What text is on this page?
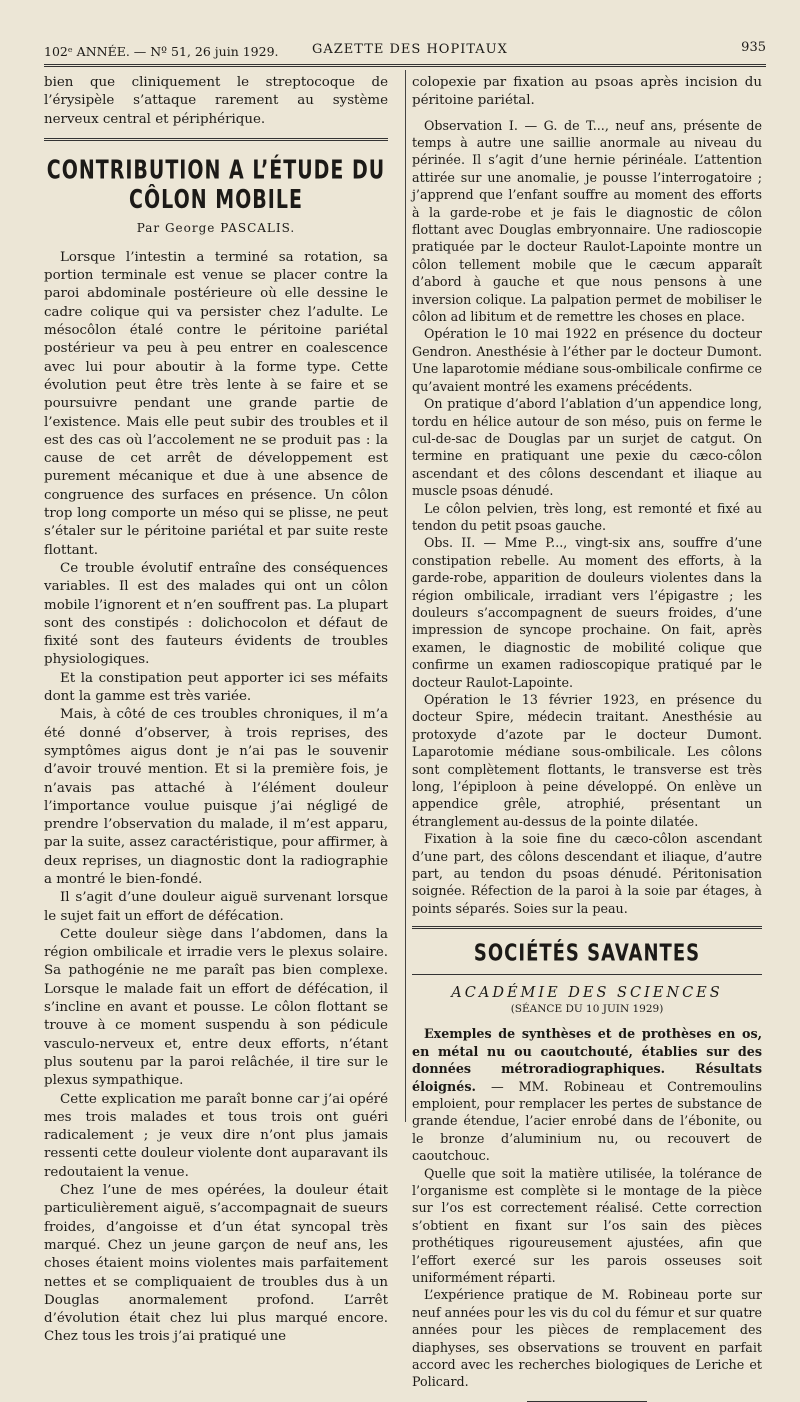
102ᵉ ANNÉE. — Nº 51, 26 juin 1929.	GAZETTE DES HOPITAUX	935

bien que cliniquement le streptocoque de l’érysipèle s’attaque rarement au système nerveux central et périphérique.

CONTRIBUTION A L’ÉTUDE DU CÔLON MOBILE
Par George PASCALIS.

Lorsque l’intestin a terminé sa rotation, sa portion terminale est venue se placer contre la paroi abdominale postérieure où elle dessine le cadre colique qui va persister chez l’adulte. Le mésocôlon étalé contre le péritoine pariétal postérieur va peu à peu entrer en coalescence avec lui pour aboutir à la forme type. Cette évolution peut être très lente à se faire et se poursuivre pendant une grande partie de l’existence. Mais elle peut subir des troubles et il est des cas où l’accolement ne se produit pas : la cause de cet arrêt de développement est purement mécanique et due à une absence de congruence des surfaces en présence. Un côlon trop long comporte un méso qui se plisse, ne peut s’étaler sur le péritoine pariétal et par suite reste flottant.

Ce trouble évolutif entraîne des conséquences variables. Il est des malades qui ont un côlon mobile l’ignorent et n’en souffrent pas. La plupart sont des constipés : dolichocolon et défaut de fixité sont des fauteurs évidents de troubles physiologiques.

Et la constipation peut apporter ici ses méfaits dont la gamme est très variée.

Mais, à côté de ces troubles chroniques, il m’a été donné d’observer, à trois reprises, des symptômes aigus dont je n’ai pas le souvenir d’avoir trouvé mention. Et si la première fois, je n’avais pas attaché à l’élément douleur l’importance voulue puisque j’ai négligé de prendre l’observation du malade, il m’est apparu, par la suite, assez caractéristique, pour affirmer, à deux reprises, un diagnostic dont la radiographie a montré le bien-fondé.

Il s’agit d’une douleur aiguë survenant lorsque le sujet fait un effort de défécation.

Cette douleur siège dans l’abdomen, dans la région ombilicale et irradie vers le plexus solaire. Sa pathogénie ne me paraît pas bien complexe. Lorsque le malade fait un effort de défécation, il s’incline en avant et pousse. Le côlon flottant se trouve à ce moment suspendu à son pédicule vasculo-nerveux et, entre deux efforts, n’étant plus soutenu par la paroi relâchée, il tire sur le plexus sympathique.

Cette explication me paraît bonne car j’ai opéré mes trois malades et tous trois ont guéri radicalement ; je veux dire n’ont plus jamais ressenti cette douleur violente dont auparavant ils redoutaient la venue.

Chez l’une de mes opérées, la douleur était particulièrement aiguë, s’accompagnait de sueurs froides, d’angoisse et d’un état syncopal très marqué. Chez un jeune garçon de neuf ans, les choses étaient moins violentes mais parfaitement nettes et se compliquaient de troubles dus à un Douglas anormalement profond. L’arrêt d’évolution était chez lui plus marqué encore. Chez tous les trois j’ai pratiqué une

colopexie par fixation au psoas après incision du péritoine pariétal.

Observation I. — G. de T..., neuf ans, présente de temps à autre une saillie anormale au niveau du périnée. Il s’agit d’une hernie périnéale. L’attention attirée sur une anomalie, je pousse l’interrogatoire ; j’apprend que l’enfant souffre au moment des efforts à la garde-robe et je fais le diagnostic de côlon flottant avec Douglas embryonnaire. Une radioscopie pratiquée par le docteur Raulot-Lapointe montre un côlon tellement mobile que le cæcum apparaît d’abord à gauche et que nous pensons à une inversion colique. La palpation permet de mobiliser le côlon ad libitum et de remettre les choses en place.

Opération le 10 mai 1922 en présence du docteur Gendron. Anesthésie à l’éther par le docteur Dumont. Une laparotomie médiane sous-ombilicale confirme ce qu’avaient montré les examens précédents.

On pratique d’abord l’ablation d’un appendice long, tordu en hélice autour de son méso, puis on ferme le cul-de-sac de Douglas par un surjet de catgut. On termine en pratiquant une pexie du cæco-côlon ascendant et des côlons descendant et iliaque au muscle psoas dénudé.

Le côlon pelvien, très long, est remonté et fixé au tendon du petit psoas gauche.

Obs. II. — Mme P..., vingt-six ans, souffre d’une constipation rebelle. Au moment des efforts, à la garde-robe, apparition de douleurs violentes dans la région ombilicale, irradiant vers l’épigastre ; les douleurs s’accompagnent de sueurs froides, d’une impression de syncope prochaine. On fait, après examen, le diagnostic de mobilité colique que confirme un examen radioscopique pratiqué par le docteur Raulot-Lapointe.

Opération le 13 février 1923, en présence du docteur Spire, médecin traitant. Anesthésie au protoxyde d’azote par le docteur Dumont. Laparotomie médiane sous-ombilicale. Les côlons sont complètement flottants, le transverse est très long, l’épiploon à peine développé. On enlève un appendice grêle, atrophié, présentant un étranglement au-dessus de la pointe dilatée.

Fixation à la soie fine du cæco-côlon ascendant d’une part, des côlons descendant et iliaque, d’autre part, au tendon du psoas dénudé. Péritonisation soignée. Réfection de la paroi à la soie par étages, à points séparés. Soies sur la peau.

SOCIÉTÉS SAVANTES
ACADÉMIE DES SCIENCES
(SÉANCE DU 10 JUIN 1929)

Exemples de synthèses et de prothèses en os, en métal nu ou caoutchouté, établies sur des données métroradiographiques. Résultats éloignés. — MM. Robineau et Contremoulins emploient, pour remplacer les pertes de substance de grande étendue, l’acier enrobé dans de l’ébonite, ou le bronze d’aluminium nu, ou recouvert de caoutchouc.

Quelle que soit la matière utilisée, la tolérance de l’organisme est complète si le montage de la pièce sur l’os est correctement réalisé. Cette correction s’obtient en fixant sur l’os sain des pièces prothétiques rigoureusement ajustées, afin que l’effort exercé sur les parois osseuses soit uniformément réparti.

L’expérience pratique de M. Robineau porte sur neuf années pour les vis du col du fémur et sur quatre années pour les pièces de remplacement des diaphyses, ses observations se trouvent en parfait accord avec les recherches biologiques de Leriche et Policard.
